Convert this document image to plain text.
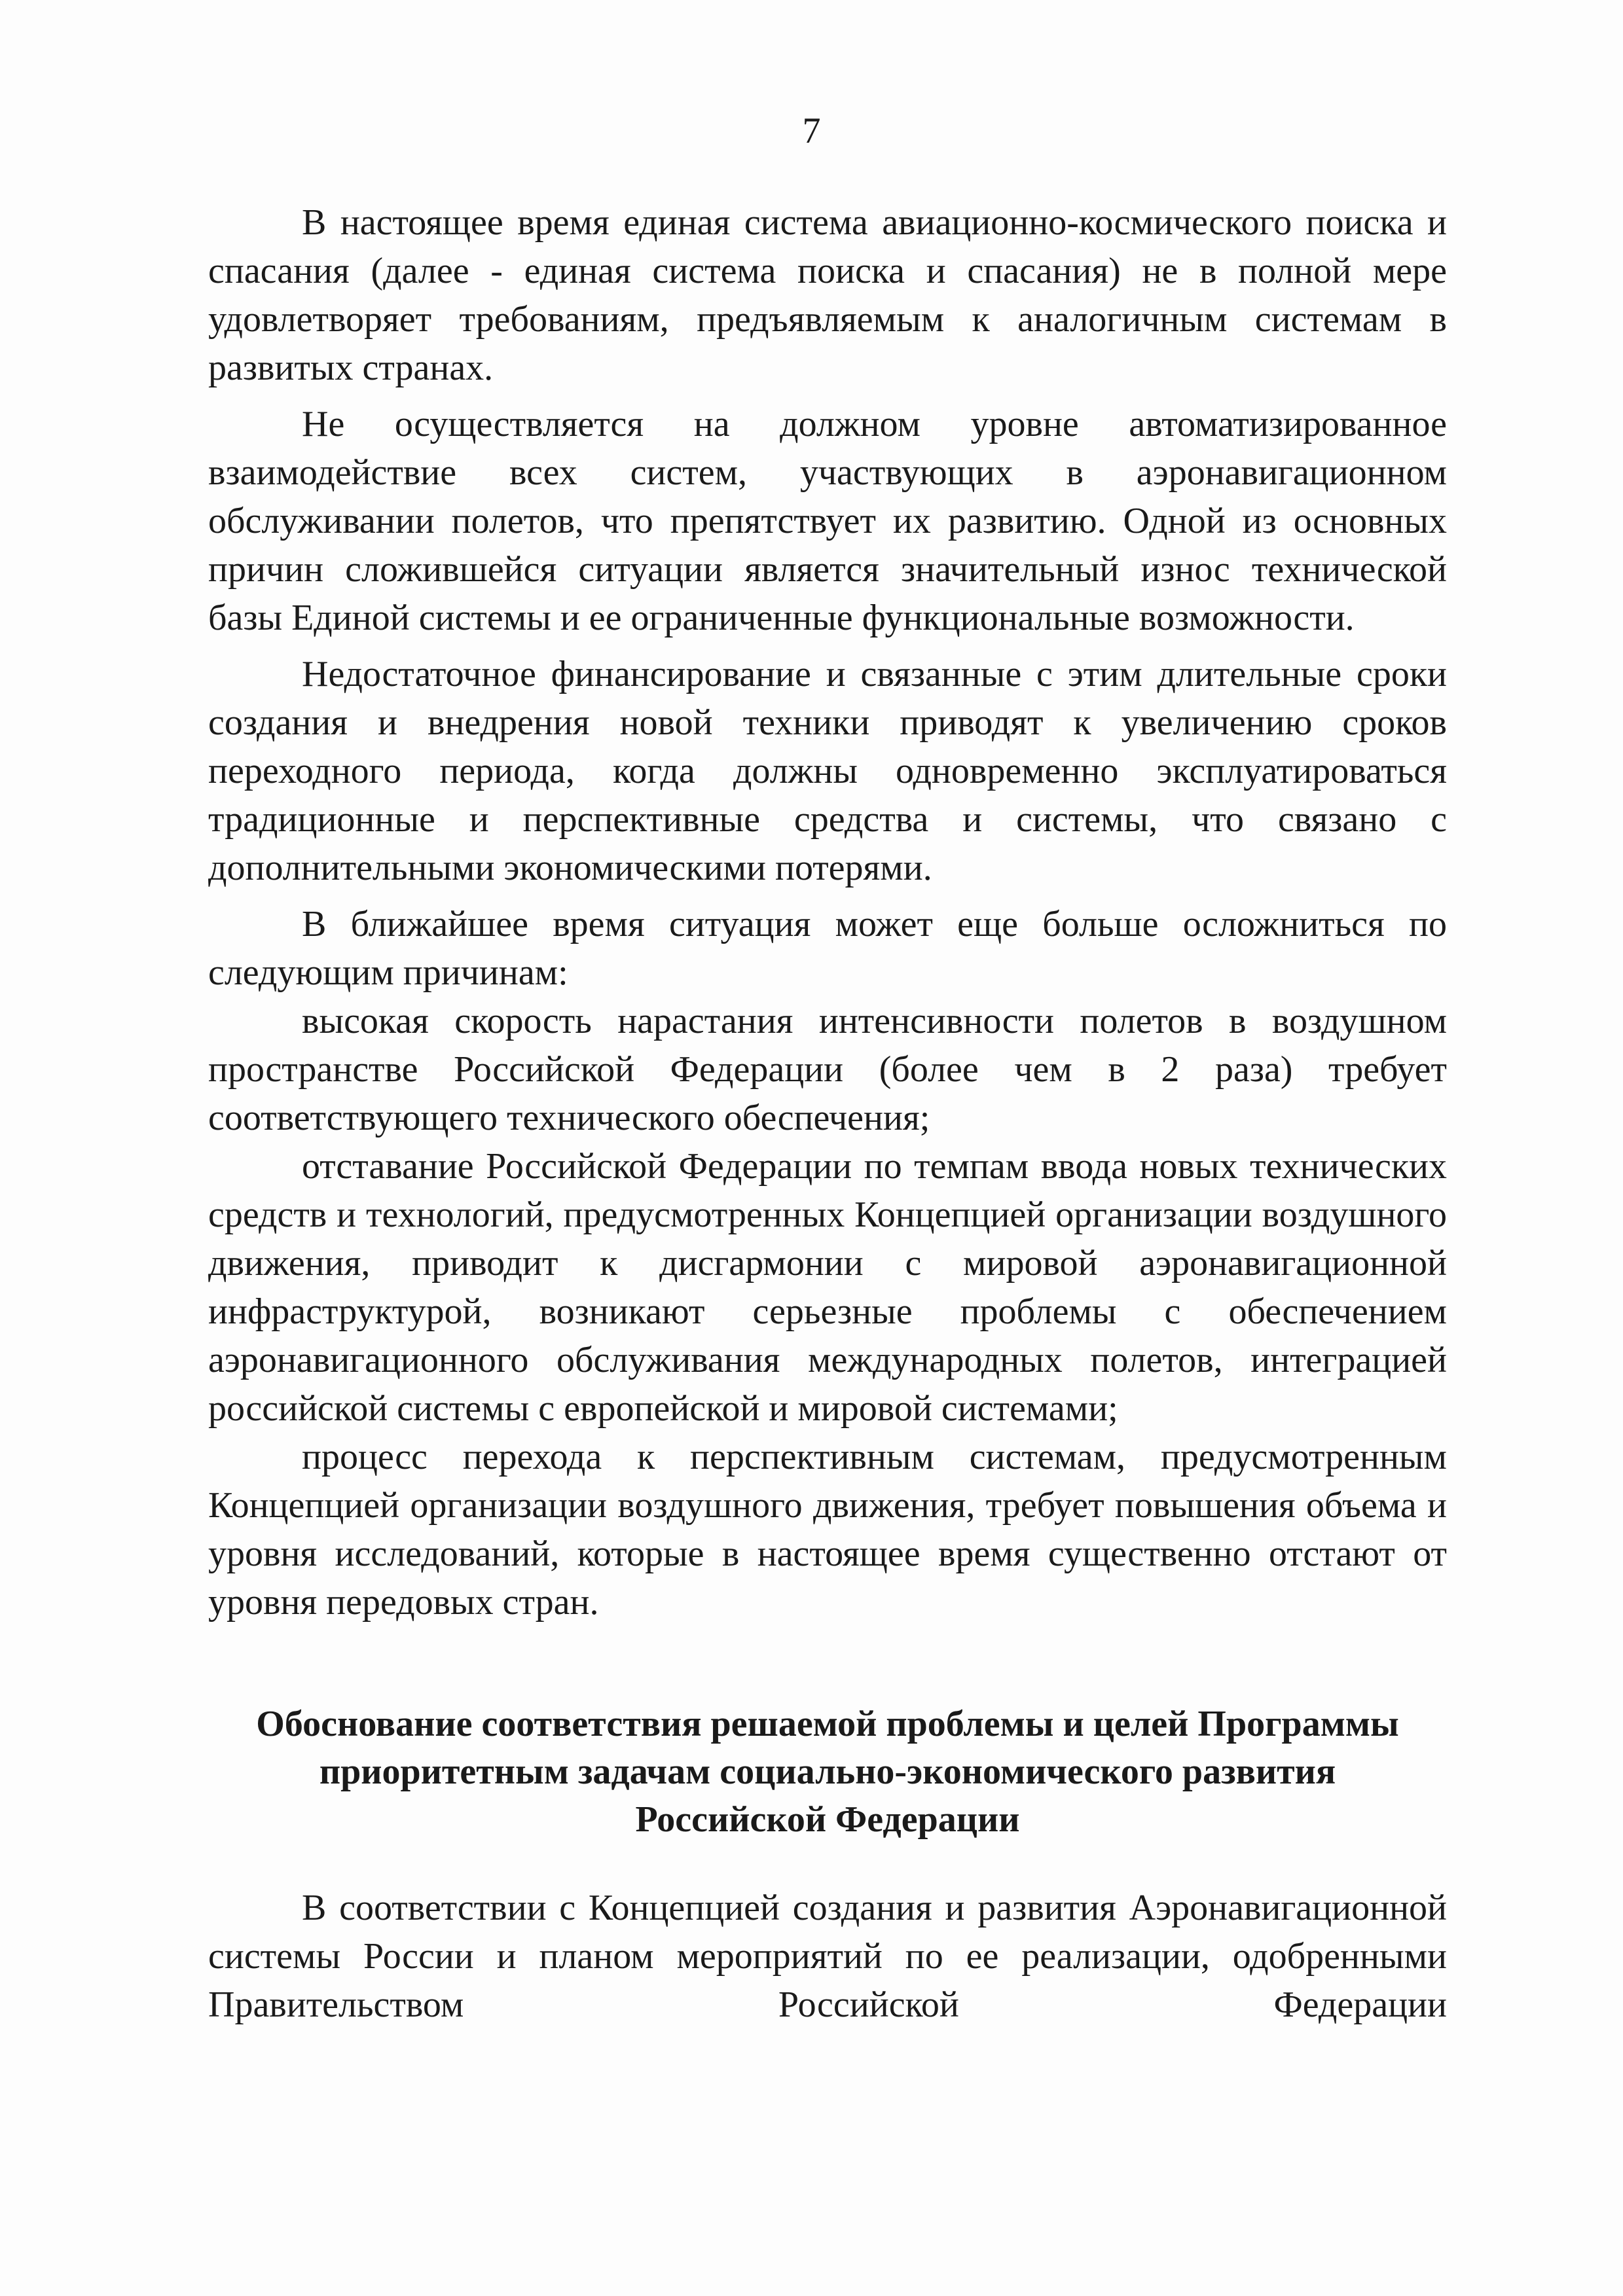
7

В настоящее время единая система авиационно-космического поиска и спасания (далее - единая система поиска и спасания) не в полной мере удовлетворяет требованиям, предъявляемым к аналогичным системам в развитых странах.

Не осуществляется на должном уровне автоматизированное взаимодействие всех систем, участвующих в аэронавигационном обслуживании полетов, что препятствует их развитию. Одной из основных причин сложившейся ситуации является значительный износ технической базы Единой системы и ее ограниченные функциональные возможности.

Недостаточное финансирование и связанные с этим длительные сроки создания и внедрения новой техники приводят к увеличению сроков переходного периода, когда должны одновременно эксплуатироваться традиционные и перспективные средства и системы, что связано с дополнительными экономическими потерями.

В ближайшее время ситуация может еще больше осложниться по следующим причинам:

высокая скорость нарастания интенсивности полетов в воздушном пространстве Российской Федерации (более чем в 2 раза) требует соответствующего технического обеспечения;

отставание Российской Федерации по темпам ввода новых технических средств и технологий, предусмотренных Концепцией организации воздушного движения, приводит к дисгармонии с мировой аэронавигационной инфраструктурой, возникают серьезные проблемы с обеспечением аэронавигационного обслуживания международных полетов, интеграцией российской системы с европейской и мировой системами;

процесс перехода к перспективным системам, предусмотренным Концепцией организации воздушного движения, требует повышения объема и уровня исследований, которые в настоящее время существенно отстают от уровня передовых стран.

Обоснование соответствия решаемой проблемы и целей Программы
приоритетным задачам социально-экономического развития
Российской Федерации

В соответствии с Концепцией создания и развития Аэронавигационной системы России и планом мероприятий по ее реализации, одобренными Правительством Российской Федерации
